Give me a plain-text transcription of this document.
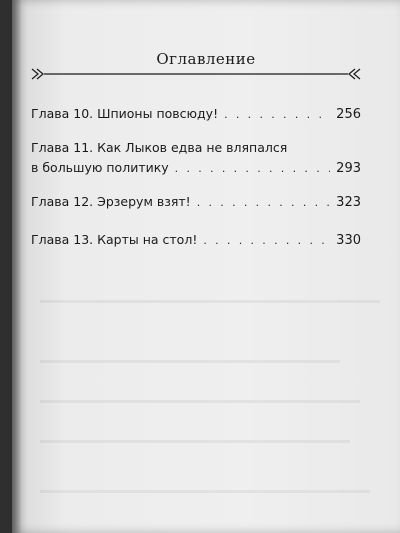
Оглавление
Глава 10. Шпионы повсюду! . . .	256
Глава 11. Как Лыков едва не вляпался
в большую политику . . .	293
Глава 12. Эрзерум взят! . . .	323
Глава 13. Карты на стол! . . .	330
